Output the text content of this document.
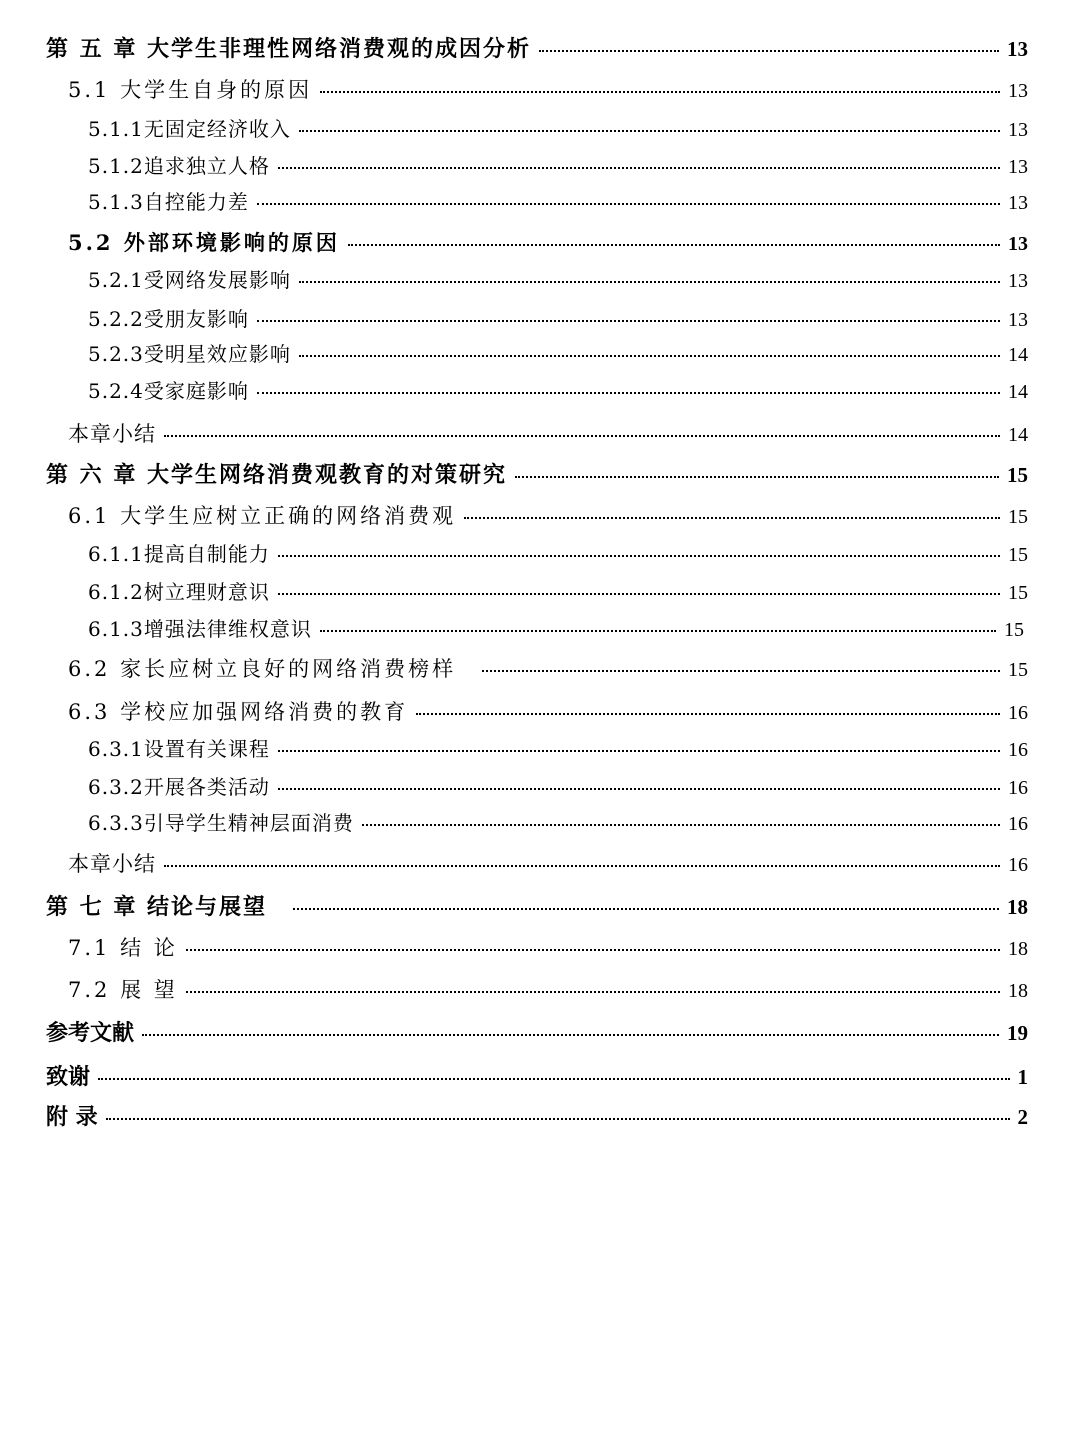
第 五 章 大学生非理性网络消费观的成因分析	13
5.1 大学生自身的原因	13
5.1.1无固定经济收入	13
5.1.2追求独立人格	13
5.1.3自控能力差	13
5.2 外部环境影响的原因	13
5.2.1受网络发展影响	13
5.2.2受朋友影响	13
5.2.3受明星效应影响	14
5.2.4受家庭影响	14
本章小结	14
第 六 章 大学生网络消费观教育的对策研究	15
6.1 大学生应树立正确的网络消费观	15
6.1.1提高自制能力	15
6.1.2树立理财意识	15
6.1.3增强法律维权意识	15
6.2 家长应树立良好的网络消费榜样	15
6.3 学校应加强网络消费的教育	16
6.3.1设置有关课程	16
6.3.2开展各类活动	16
6.3.3引导学生精神层面消费	16
本章小结	16
第 七 章 结论与展望	18
7.1 结 论	18
7.2 展 望	18
参考文献	19
致谢	1
附 录	2
